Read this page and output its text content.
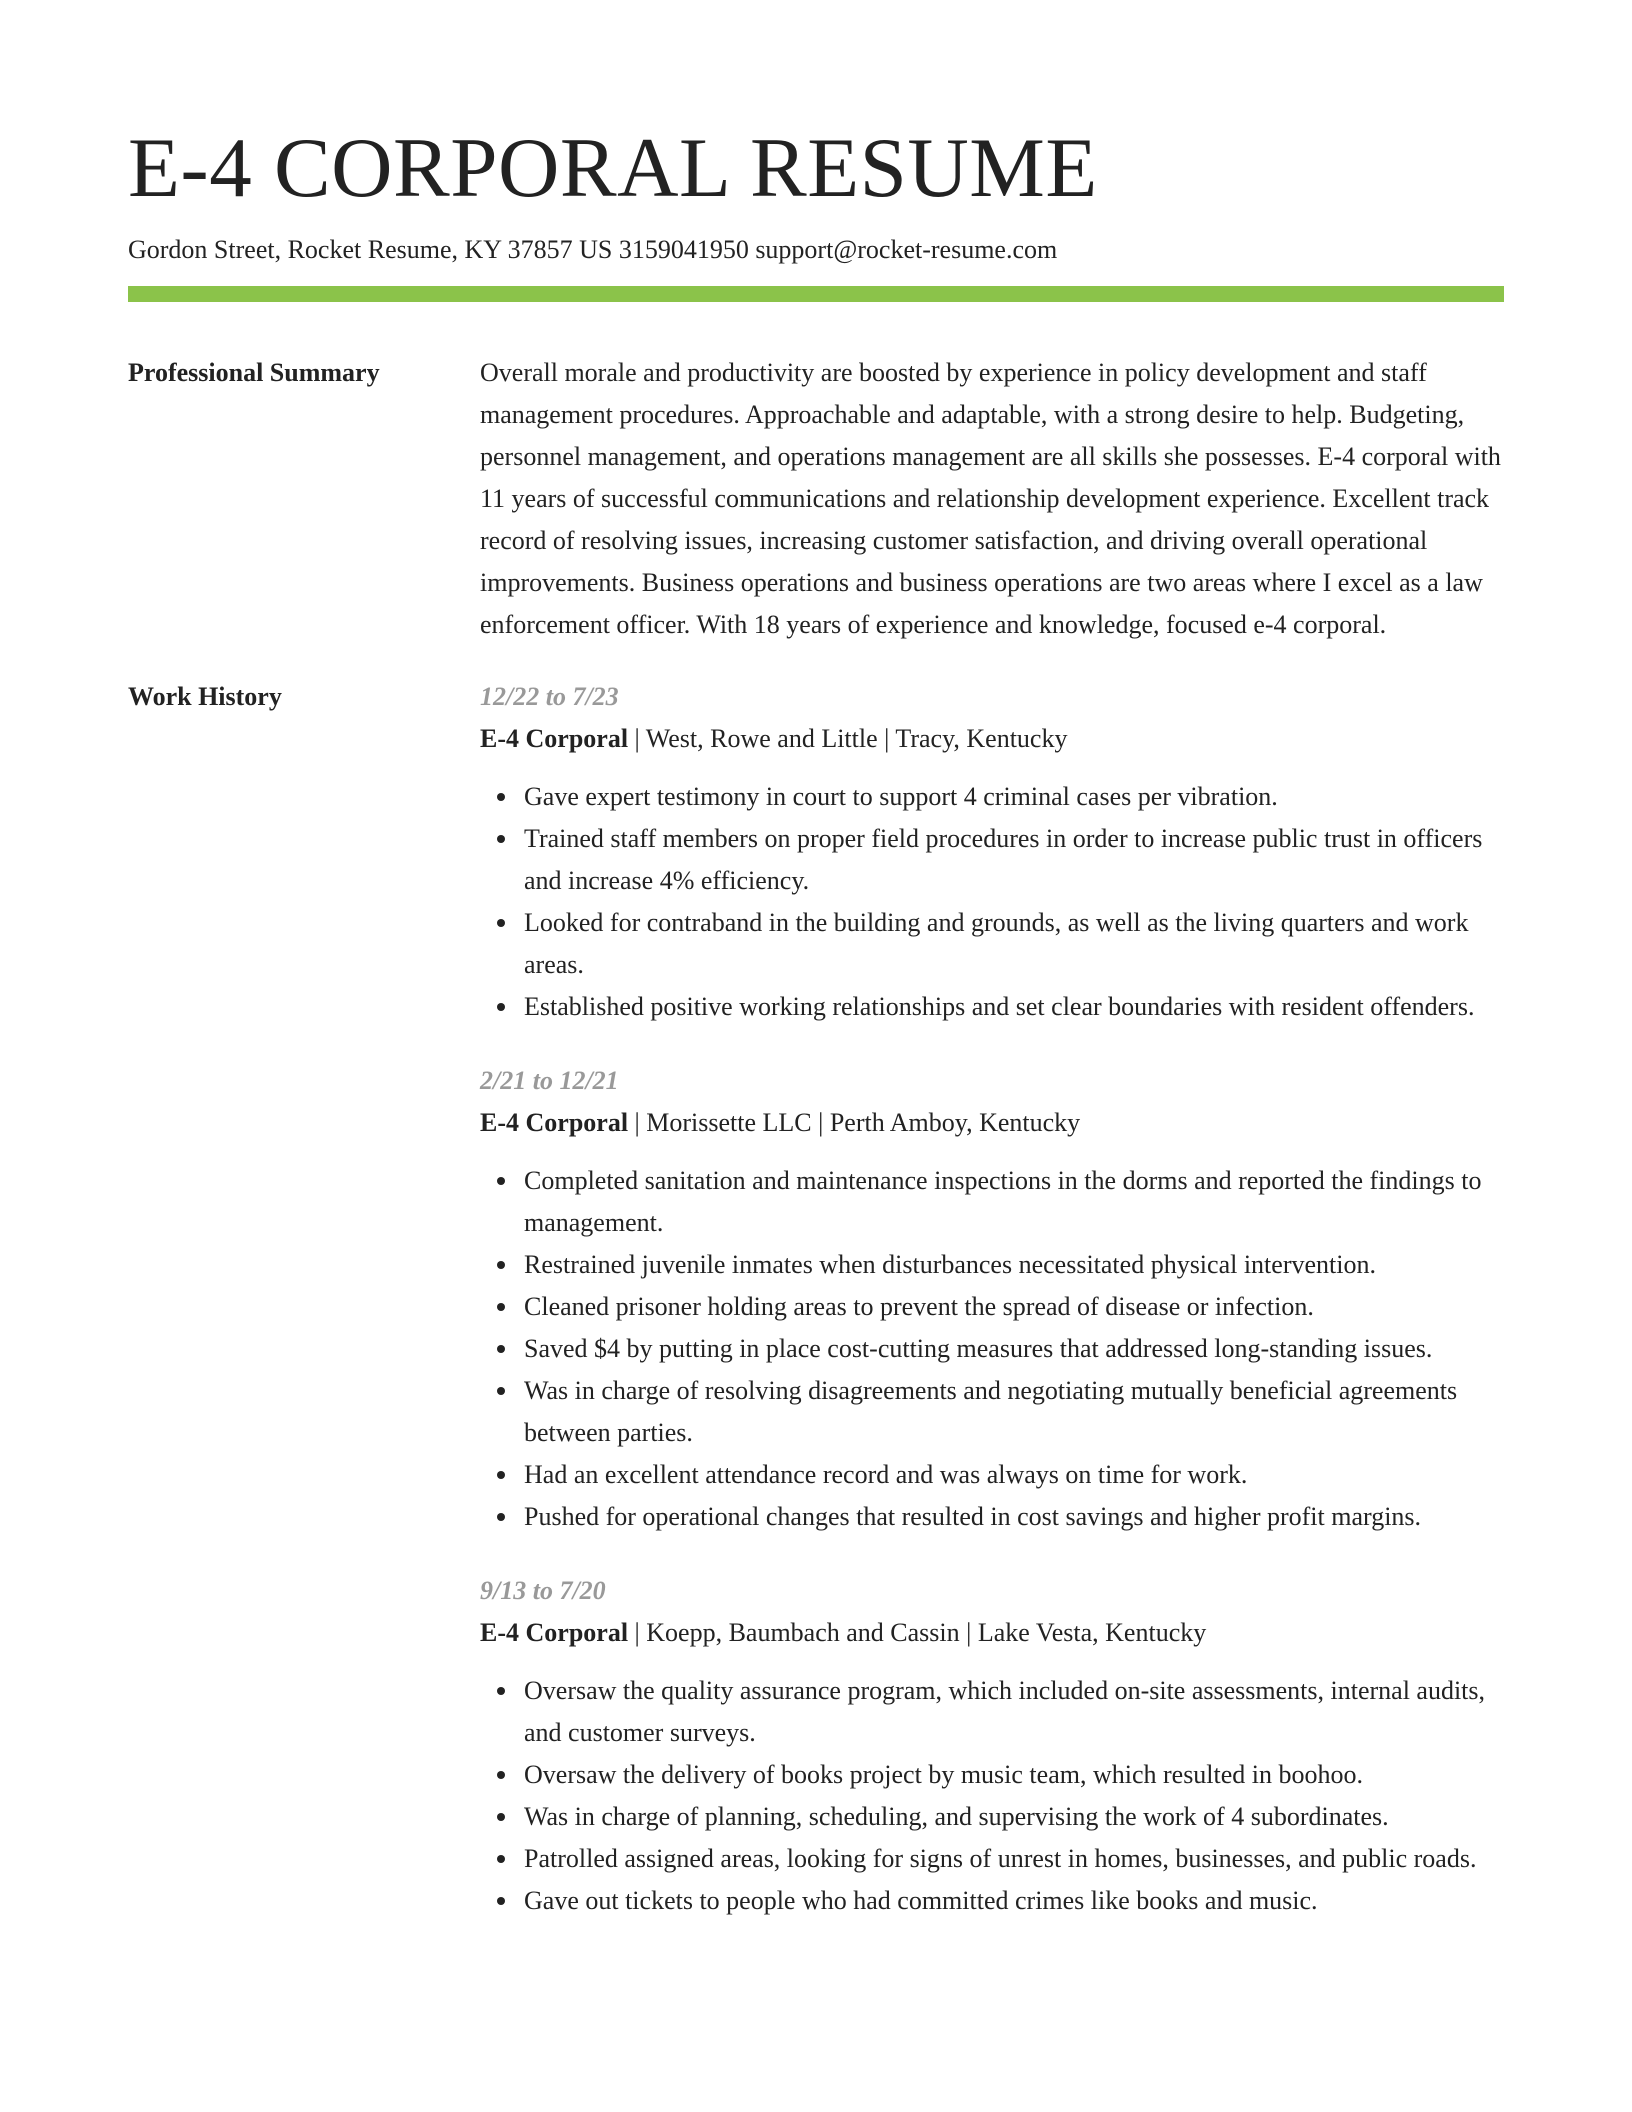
E-4 CORPORAL RESUME
Gordon Street, Rocket Resume, KY 37857 US 3159041950 support@rocket-resume.com
Professional Summary	Overall morale and productivity are boosted by experience in policy development and staff management procedures. Approachable and adaptable, with a strong desire to help. Budgeting, personnel management, and operations management are all skills she possesses. E-4 corporal with 11 years of successful communications and relationship development experience. Excellent track record of resolving issues, increasing customer satisfaction, and driving overall operational improvements. Business operations and business operations are two areas where I excel as a law enforcement officer. With 18 years of experience and knowledge, focused e-4 corporal.

Work History	12/22 to 7/23
E-4 Corporal | West, Rowe and Little | Tracy, Kentucky
Gave expert testimony in court to support 4 criminal cases per vibration.
Trained staff members on proper field procedures in order to increase public trust in officers and increase 4% efficiency.
Looked for contraband in the building and grounds, as well as the living quarters and work areas.
Established positive working relationships and set clear boundaries with resident offenders.
2/21 to 12/21
E-4 Corporal | Morissette LLC | Perth Amboy, Kentucky
Completed sanitation and maintenance inspections in the dorms and reported the findings to management.
Restrained juvenile inmates when disturbances necessitated physical intervention.
Cleaned prisoner holding areas to prevent the spread of disease or infection.
Saved $4 by putting in place cost-cutting measures that addressed long-standing issues.
Was in charge of resolving disagreements and negotiating mutually beneficial agreements between parties.
Had an excellent attendance record and was always on time for work.
Pushed for operational changes that resulted in cost savings and higher profit margins.
9/13 to 7/20
E-4 Corporal | Koepp, Baumbach and Cassin | Lake Vesta, Kentucky
Oversaw the quality assurance program, which included on-site assessments, internal audits, and customer surveys.
Oversaw the delivery of books project by music team, which resulted in boohoo.
Was in charge of planning, scheduling, and supervising the work of 4 subordinates.
Patrolled assigned areas, looking for signs of unrest in homes, businesses, and public roads.
Gave out tickets to people who had committed crimes like books and music.
